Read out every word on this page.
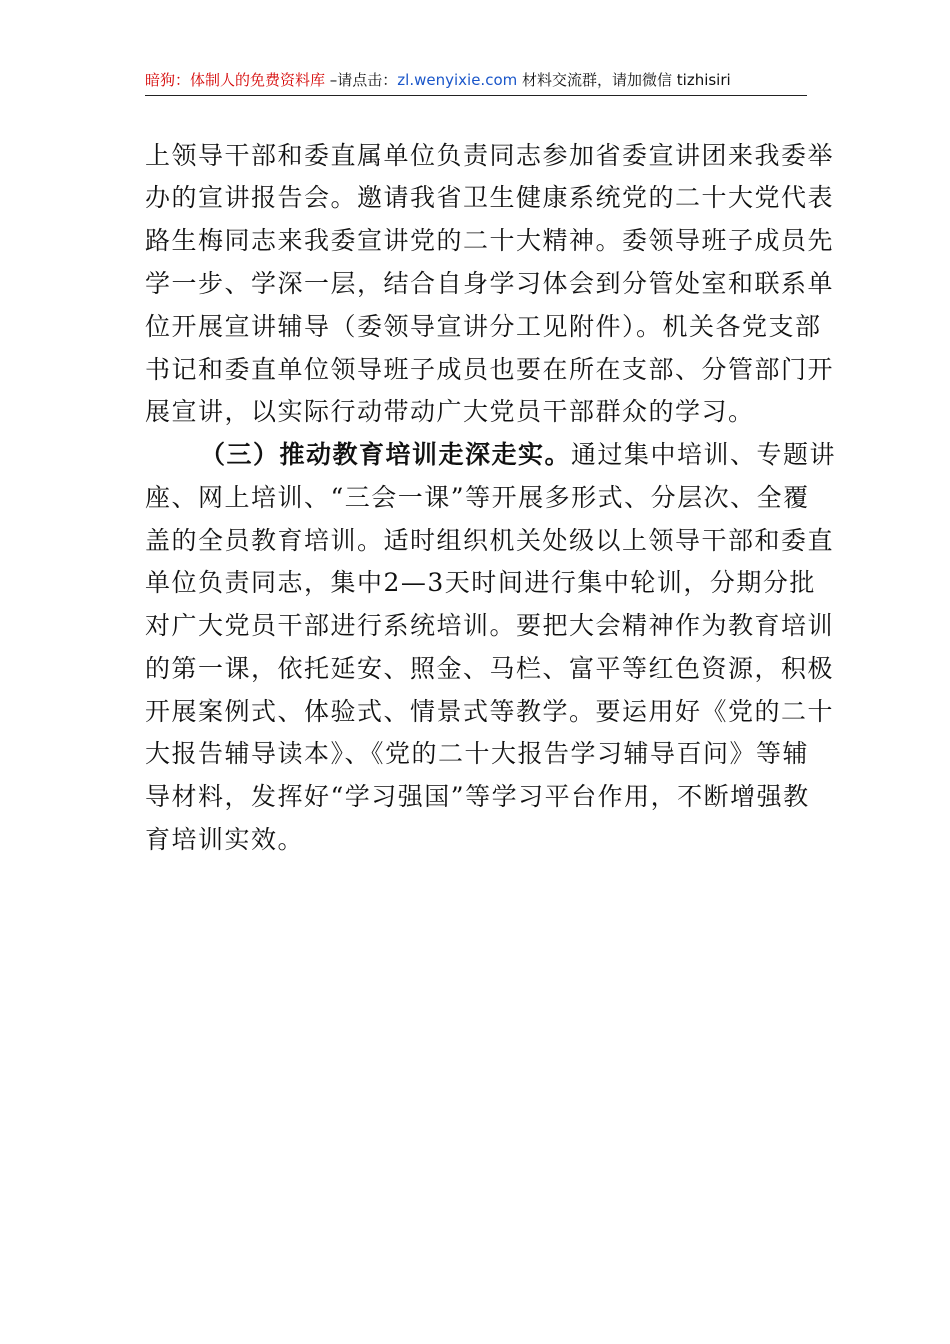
暗狗：体制人的免费资料库 –请点击：zl.wenyixie.com 材料交流群，请加微信 tizhisiri
上领导干部和委直属单位负责同志参加省委宣讲团来我委举
办的宣讲报告会。邀请我省卫生健康系统党的二十大党代表
路生梅同志来我委宣讲党的二十大精神。委领导班子成员先
学一步、学深一层，结合自身学习体会到分管处室和联系单
位开展宣讲辅导（委领导宣讲分工见附件）。机关各党支部
书记和委直单位领导班子成员也要在所在支部、分管部门开
展宣讲，以实际行动带动广大党员干部群众的学习。
（三）推动教育培训走深走实。通过集中培训、专题讲
座、网上培训、“三会一课”等开展多形式、分层次、全覆
盖的全员教育培训。适时组织机关处级以上领导干部和委直
单位负责同志，集中2—3天时间进行集中轮训，分期分批
对广大党员干部进行系统培训。要把大会精神作为教育培训
的第一课，依托延安、照金、马栏、富平等红色资源，积极
开展案例式、体验式、情景式等教学。要运用好《党的二十
大报告辅导读本》、《党的二十大报告学习辅导百问》等辅
导材料，发挥好“学习强国”等学习平台作用，不断增强教
育培训实效。
